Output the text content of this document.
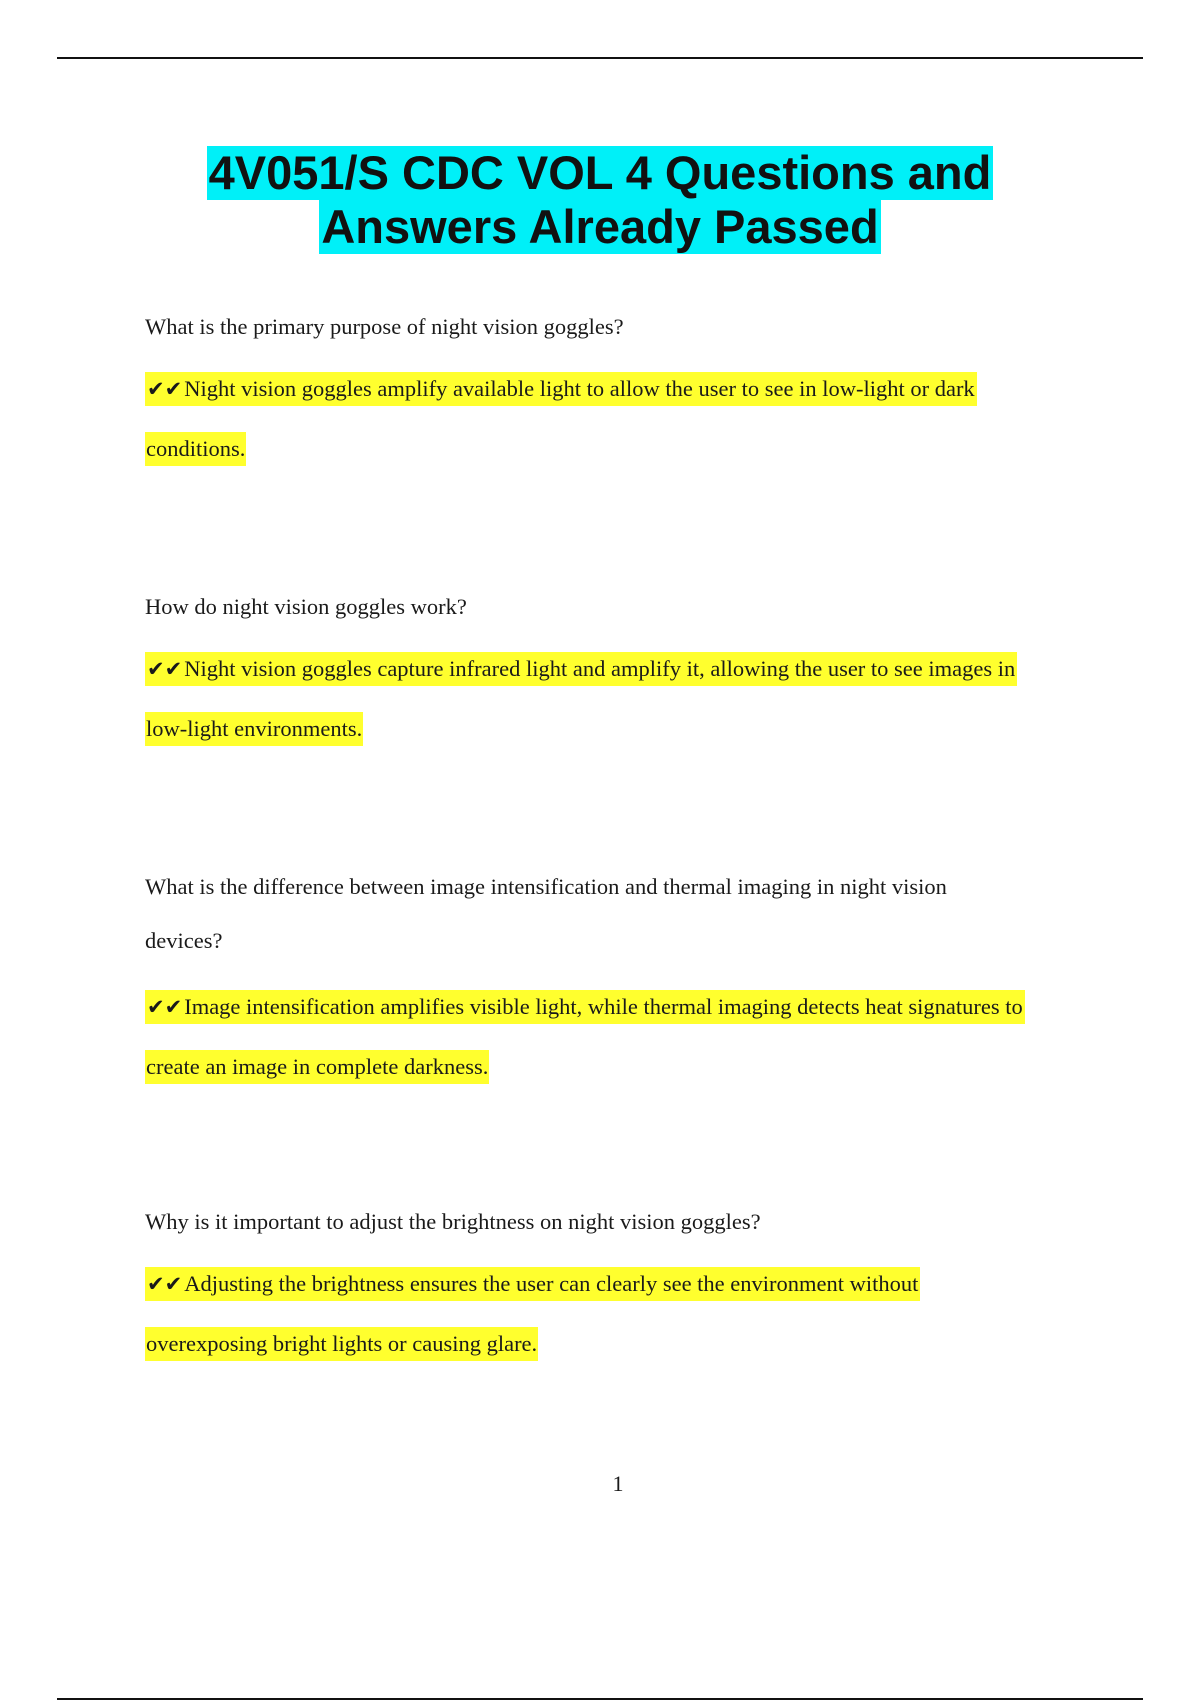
4V051/S CDC VOL 4 Questions and
Answers Already Passed
What is the primary purpose of night vision goggles?
✔✔Night vision goggles amplify available light to allow the user to see in low-light or dark
conditions.
How do night vision goggles work?
✔✔Night vision goggles capture infrared light and amplify it, allowing the user to see images in
low-light environments.
What is the difference between image intensification and thermal imaging in night vision
devices?
✔✔Image intensification amplifies visible light, while thermal imaging detects heat signatures to
create an image in complete darkness.
Why is it important to adjust the brightness on night vision goggles?
✔✔Adjusting the brightness ensures the user can clearly see the environment without
overexposing bright lights or causing glare.
1
